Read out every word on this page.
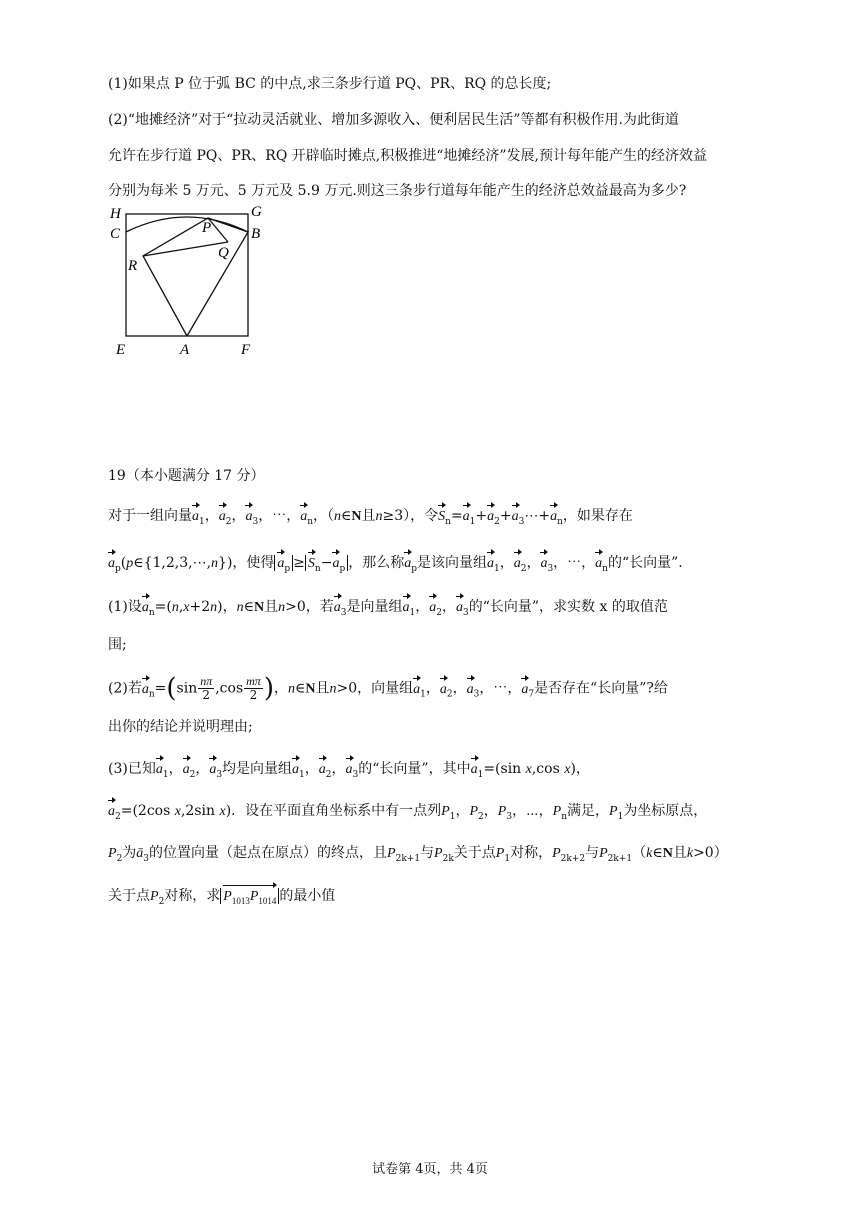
(1)如果点 P 位于弧 BC 的中点,求三条步行道 PQ、PR、RQ 的总长度;
(2)“地摊经济”对于“拉动灵活就业、增加多源收入、便利居民生活”等都有积极作用.为此街道
允许在步行道 PQ、PR、RQ 开辟临时摊点,积极推进“地摊经济”发展,预计每年能产生的经济效益
分别为每米 5 万元、5 万元及 5.9 万元.则这三条步行道每年能产生的经济总效益最高为多少?
H	G
C	B
P
Q
R
E	A	F
19（本小题满分 17 分）
对于一组向量$a_1$，$a_2$，$a_3$，⋯，$a_n$，（n∈N且n≥3），令$S_n=a_1+a_2+a_3\cdots+a_n$，如果存在
$a_p(p\in\{1,2,3,\cdots,n\})$，使得 $a_p \ge S_n-a_p$ ，那么称$a_p$是该向量组$a_1$，$a_2$，$a_3$，⋯，$a_n$的“长向量”.
(1)设$a_n=(n,x+2n)$，n∈N且n>0，若$a_3$是向量组$a_1$，$a_2$，$a_3$的“长向量”，求实数 x 的取值范
围;
(2)若$a_n=(\sin \frac{n\pi}{2} ,\cos \frac{m\pi}{2}$ )，n∈N且n>0，向量组$a_1$，$a_2$，$a_3$，⋯，$a_7$是否存在“长向量”?给
出你的结论并说明理由;
(3)已知$a_1$，$a_2$，$a_3$均是向量组$a_1$，$a_2$，$a_3$的“长向量”，其中$a_1=(\sin$ x,cos x)，
$a_2=(2\cos$ x,2sin x)．设在平面直角坐标系中有一点列$P_1$，$P_2$，$P_3$，⋯，$P_n$满足，$P_1$为坐标原点，
$P_2$为$ā_3$的位置向量（起点在原点）的终点，且$P_{2k+1}$与$P_{2k}$关于点$P_1$对称，$P_{2k+2}$与$P_{2k+1}(k\in N$且k>0）
关于点$P_2$对称，求 $P_{1013}P_{1014}$ 的最小值
试卷第 4页，共 4页
